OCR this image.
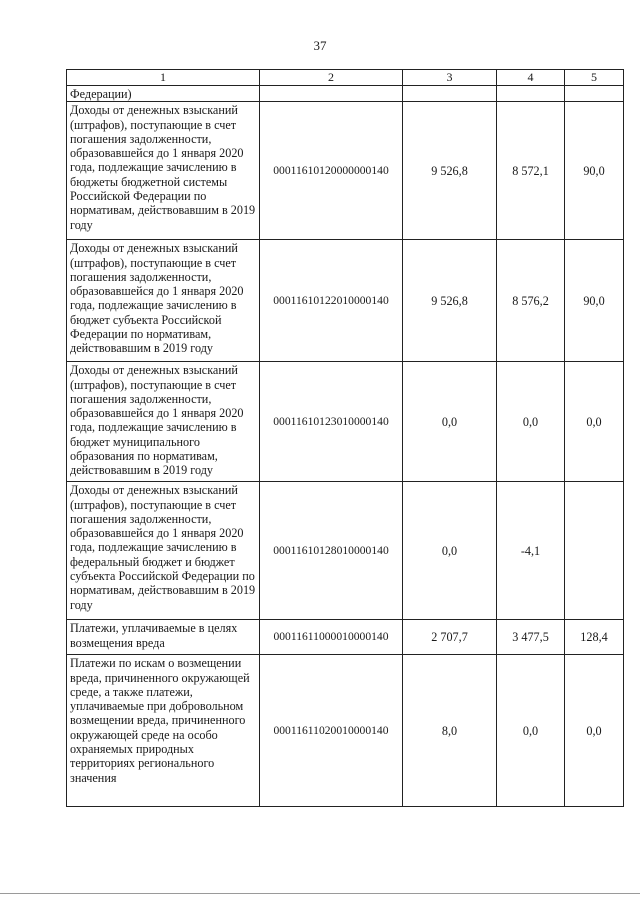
37
1	2	3	4	5
Федерации)				
Доходы от денежных взысканий (штрафов), поступающие в счет погашения задолженности, образовавшейся до 1 января 2020 года, подлежащие зачислению в бюджеты бюджетной системы Российской Федерации по нормативам, действовавшим в 2019 году	00011610120000000140	9 526,8	8 572,1	90,0
Доходы от денежных взысканий (штрафов), поступающие в счет погашения задолженности, образовавшейся до 1 января 2020 года, подлежащие зачислению в бюджет субъекта Российской Федерации по нормативам, действовавшим в 2019 году	00011610122010000140	9 526,8	8 576,2	90,0
Доходы от денежных взысканий (штрафов), поступающие в счет погашения задолженности, образовавшейся до 1 января 2020 года, подлежащие зачислению в бюджет муниципального образования по нормативам, действовавшим в 2019 году	00011610123010000140	0,0	0,0	0,0
Доходы от денежных взысканий (штрафов), поступающие в счет погашения задолженности, образовавшейся до 1 января 2020 года, подлежащие зачислению в федеральный бюджет и бюджет субъекта Российской Федерации по нормативам, действовавшим в 2019 году	00011610128010000140	0,0	-4,1	
Платежи, уплачиваемые в целях возмещения вреда	00011611000010000140	2 707,7	3 477,5	128,4
Платежи по искам о возмещении вреда, причиненного окружающей среде, а также платежи, уплачиваемые при добровольном возмещении вреда, причиненного окружающей среде на особо охраняемых природных территориях регионального значения	00011611020010000140	8,0	0,0	0,0
